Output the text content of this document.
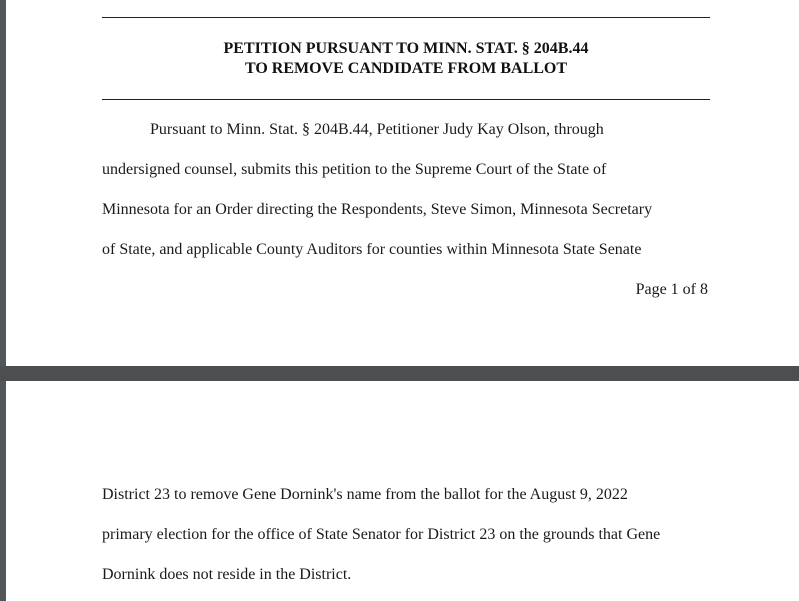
PETITION PURSUANT TO MINN. STAT. § 204B.44
TO REMOVE CANDIDATE FROM BALLOT
Pursuant to Minn. Stat. § 204B.44, Petitioner Judy Kay Olson, through
undersigned counsel, submits this petition to the Supreme Court of the State of
Minnesota for an Order directing the Respondents, Steve Simon, Minnesota Secretary
of State, and applicable County Auditors for counties within Minnesota State Senate
Page 1 of 8
District 23 to remove Gene Dornink's name from the ballot for the August 9, 2022
primary election for the office of State Senator for District 23 on the grounds that Gene
Dornink does not reside in the District.
